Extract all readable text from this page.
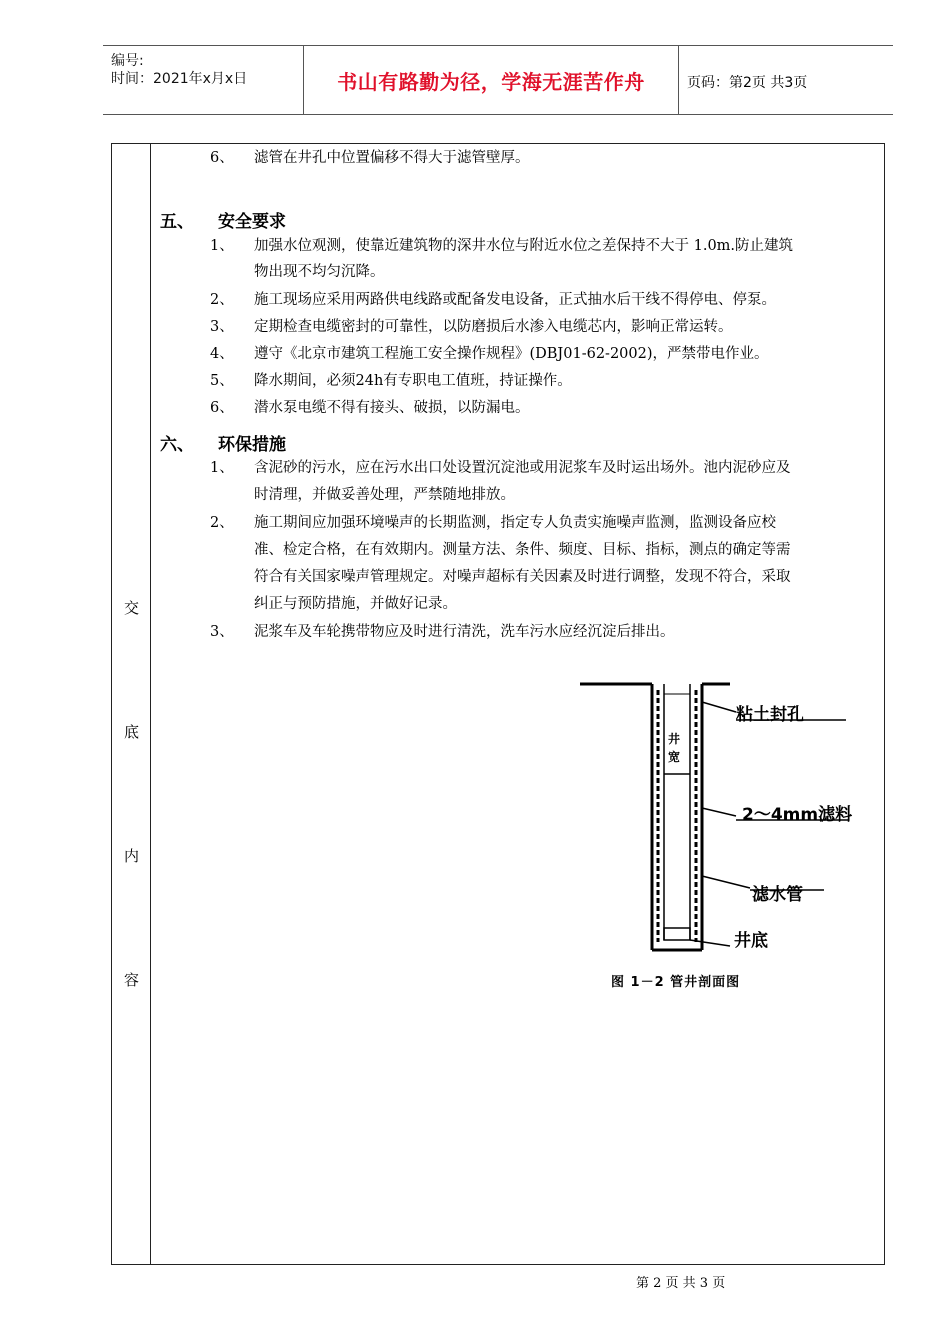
编号:
时间：2021年x月x日	书山有路勤为径，学海无涯苦作舟	页码：第2页 共3页
交
底
内
容
6、 滤管在井孔中位置偏移不得大于滤管壁厚。
五、 安全要求
1、 加强水位观测，使靠近建筑物的深井水位与附近水位之差保持不大于 1.0m.防止建筑
物出现不均匀沉降。
2、 施工现场应采用两路供电线路或配备发电设备，正式抽水后干线不得停电、停泵。
3、 定期检查电缆密封的可靠性，以防磨损后水渗入电缆芯内，影响正常运转。
4、 遵守《北京市建筑工程施工安全操作规程》(DBJ01-62-2002)，严禁带电作业。
5、 降水期间，必须24h有专职电工值班，持证操作。
6、 潜水泵电缆不得有接头、破损，以防漏电。
六、 环保措施
1、 含泥砂的污水，应在污水出口处设置沉淀池或用泥浆车及时运出场外。池内泥砂应及
时清理，并做妥善处理，严禁随地排放。
2、 施工期间应加强环境噪声的长期监测，指定专人负责实施噪声监测，监测设备应校
准、检定合格，在有效期内。测量方法、条件、频度、目标、指标，测点的确定等需
符合有关国家噪声管理规定。对噪声超标有关因素及时进行调整，发现不符合，采取
纠正与预防措施，并做好记录。
3、 泥浆车及车轮携带物应及时进行清洗，洗车污水应经沉淀后排出。
井
宽
粘土封孔
2～4mm滤料
滤水管
井底
图 1－2 管井剖面图
第 2 页 共 3 页
